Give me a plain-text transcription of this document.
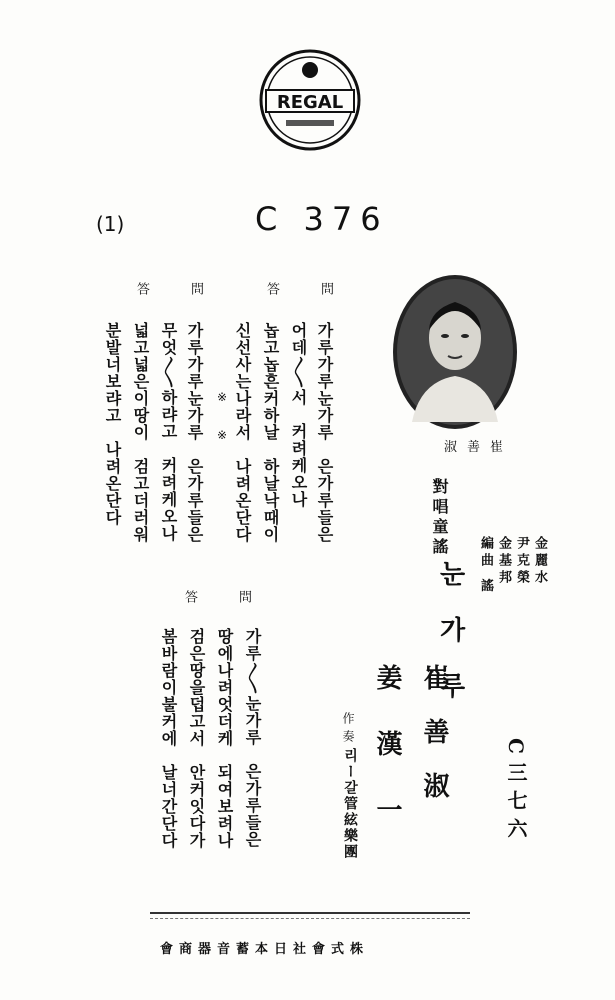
REGAL
(1)	C 376
問
答
가루가루눈가루　은가루들은
어데〳〵서　커려케오나
놉고놉흔커하날　하날낙때이
신선사는나라서　나려온단다
※　※
問
答
가루가루눈가루　은가루들은
무엇〳〵하랴고　커려케오나
넓고넓은이땅이　검고더러워
분발너보랴고　나려온단다
問
答
가루〳〵눈가루　은가루들은
땅에나려엇더케　되여보려나
검은땅을덥고서　안커잇다가
봄바람이불커에　날너간단다
崔善淑
對唱童謠
金麗水
尹克榮
金基邦
編曲 謠
눈가루
崔善淑
姜漢一
作奏
리ー갈管絃樂團	C三七六
株式會社日本蓄音器商會
